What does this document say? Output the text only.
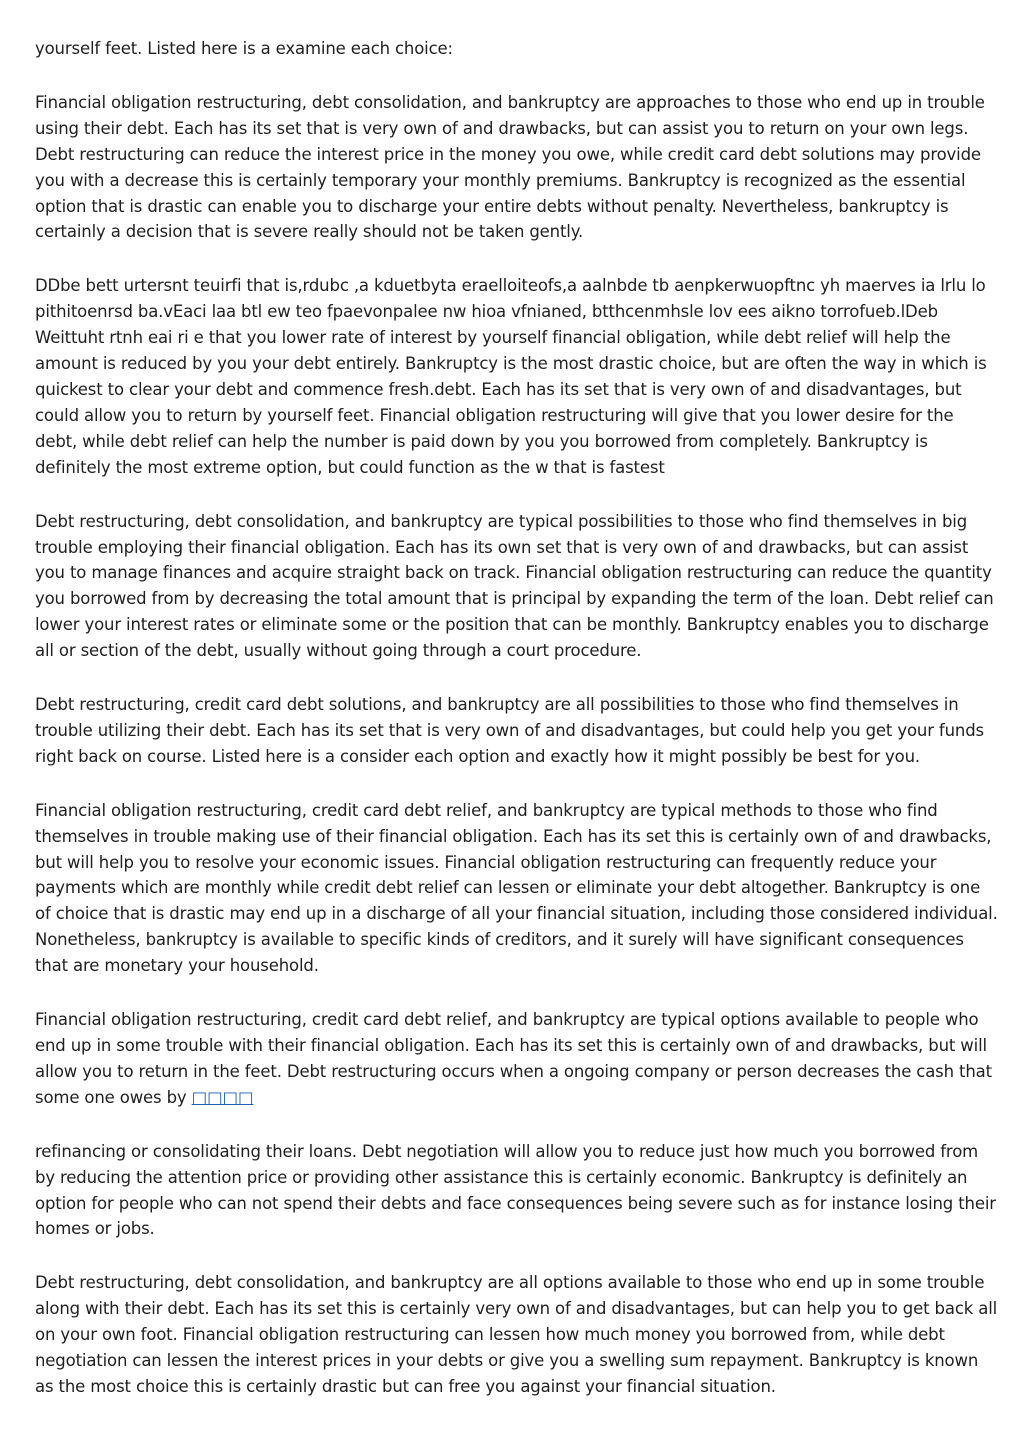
yourself feet. Listed here is a examine each choice:

Financial obligation restructuring, debt consolidation, and bankruptcy are approaches to those who end up in trouble using their debt. Each has its set that is very own of and drawbacks, but can assist you to return on your own legs. Debt restructuring can reduce the interest price in the money you owe, while credit card debt solutions may provide you with a decrease this is certainly temporary your monthly premiums. Bankruptcy is recognized as the essential option that is drastic can enable you to discharge your entire debts without penalty. Nevertheless, bankruptcy is certainly a decision that is severe really should not be taken gently.

DDbe bett urtersnt teuirfi that is,rdubc ,a kduetbyta eraelloiteofs,a aalnbde tb aenpkerwuopftnc yh maerves ia lrlu lo pithitoenrsd ba.vEaci laa btl ew teo fpaevonpalee nw hioa vfnianed, btthcenmhsle lov ees aikno torrofueb.lDeb Weittuht rtnh eai ri e that you lower rate of interest by yourself financial obligation, while debt relief will help the amount is reduced by you your debt entirely. Bankruptcy is the most drastic choice, but are often the way in which is quickest to clear your debt and commence fresh.debt. Each has its set that is very own of and disadvantages, but could allow you to return by yourself feet. Financial obligation restructuring will give that you lower desire for the debt, while debt relief can help the number is paid down by you you borrowed from completely. Bankruptcy is definitely the most extreme option, but could function as the w that is fastest

Debt restructuring, debt consolidation, and bankruptcy are typical possibilities to those who find themselves in big trouble employing their financial obligation. Each has its own set that is very own of and drawbacks, but can assist you to manage finances and acquire straight back on track. Financial obligation restructuring can reduce the quantity you borrowed from by decreasing the total amount that is principal by expanding the term of the loan. Debt relief can lower your interest rates or eliminate some or the position that can be monthly. Bankruptcy enables you to discharge all or section of the debt, usually without going through a court procedure.

Debt restructuring, credit card debt solutions, and bankruptcy are all possibilities to those who find themselves in trouble utilizing their debt. Each has its set that is very own of and disadvantages, but could help you get your funds right back on course. Listed here is a consider each option and exactly how it might possibly be best for you.

Financial obligation restructuring, credit card debt relief, and bankruptcy are typical methods to those who find themselves in trouble making use of their financial obligation. Each has its set this is certainly own of and drawbacks, but will help you to resolve your economic issues. Financial obligation restructuring can frequently reduce your payments which are monthly while credit debt relief can lessen or eliminate your debt altogether. Bankruptcy is one of choice that is drastic may end up in a discharge of all your financial situation, including those considered individual. Nonetheless, bankruptcy is available to specific kinds of creditors, and it surely will have significant consequences that are monetary your household.

Financial obligation restructuring, credit card debt relief, and bankruptcy are typical options available to people who end up in some trouble with their financial obligation. Each has its set this is certainly own of and drawbacks, but will allow you to return in the feet. Debt restructuring occurs when a ongoing company or person decreases the cash that some one owes by □□□□

refinancing or consolidating their loans. Debt negotiation will allow you to reduce just how much you borrowed from by reducing the attention price or providing other assistance this is certainly economic. Bankruptcy is definitely an option for people who can not spend their debts and face consequences being severe such as for instance losing their homes or jobs.

Debt restructuring, debt consolidation, and bankruptcy are all options available to those who end up in some trouble along with their debt. Each has its set this is certainly very own of and disadvantages, but can help you to get back all on your own foot. Financial obligation restructuring can lessen how much money you borrowed from, while debt negotiation can lessen the interest prices in your debts or give you a swelling sum repayment. Bankruptcy is known as the most choice this is certainly drastic but can free you against your financial situation.
